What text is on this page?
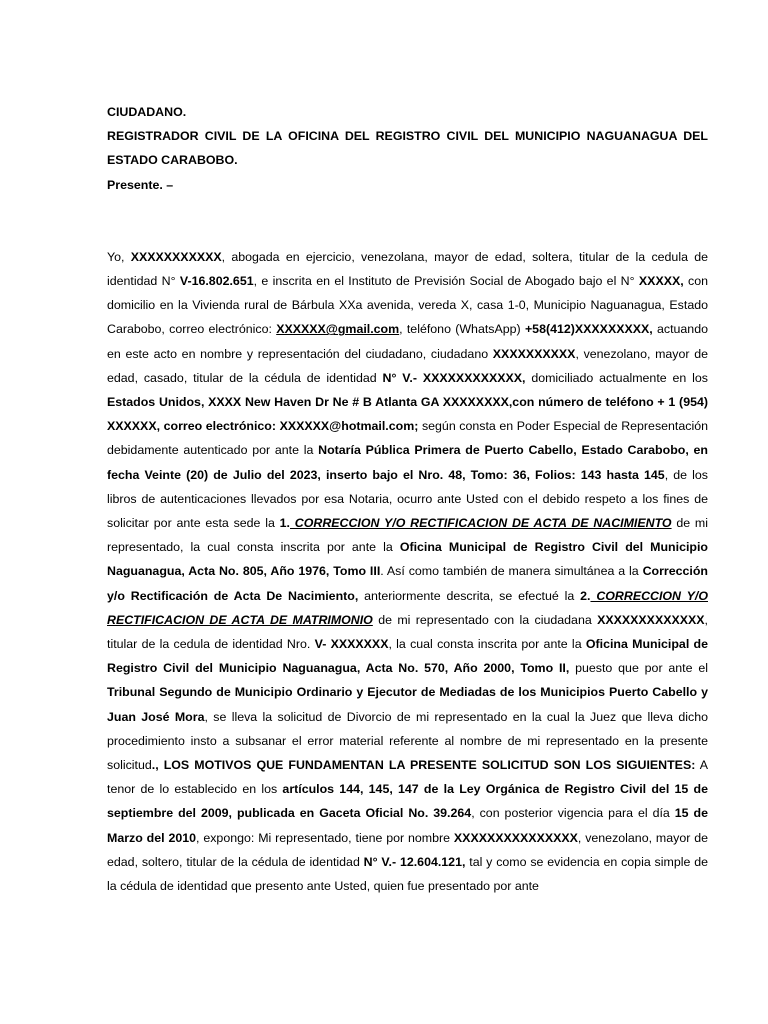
CIUDADANO.
REGISTRADOR CIVIL DE LA OFICINA DEL REGISTRO CIVIL DEL MUNICIPIO NAGUANAGUA DEL
ESTADO CARABOBO.
Presente. –

Yo, XXXXXXXXXXX, abogada en ejercicio, venezolana, mayor de edad, soltera, titular de la cedula de identidad N° V-16.802.651, e inscrita en el Instituto de Previsión Social de Abogado bajo el N° XXXXX, con domicilio en la Vivienda rural de Bárbula XXa avenida, vereda X, casa 1-0, Municipio Naguanagua, Estado Carabobo, correo electrónico: XXXXXX@gmail.com, teléfono (WhatsApp) +58(412)XXXXXXXXX, actuando en este acto en nombre y representación del ciudadano, ciudadano XXXXXXXXXX, venezolano, mayor de edad, casado, titular de la cédula de identidad N° V.- XXXXXXXXXXXX, domiciliado actualmente en los Estados Unidos, XXXX New Haven Dr Ne # B Atlanta GA XXXXXXXX,con número de teléfono + 1 (954) XXXXXX, correo electrónico: XXXXXX@hotmail.com; según consta en Poder Especial de Representación debidamente autenticado por ante la Notaría Pública Primera de Puerto Cabello, Estado Carabobo, en fecha Veinte (20) de Julio del 2023, inserto bajo el Nro. 48, Tomo: 36, Folios: 143 hasta 145, de los libros de autenticaciones llevados por esa Notaria, ocurro ante Usted con el debido respeto a los fines de solicitar por ante esta sede la 1. CORRECCION Y/O RECTIFICACION DE ACTA DE NACIMIENTO de mi representado, la cual consta inscrita por ante la Oficina Municipal de Registro Civil del Municipio Naguanagua, Acta No. 805, Año 1976, Tomo III. Así como también de manera simultánea a la Corrección y/o Rectificación de Acta De Nacimiento, anteriormente descrita, se efectué la 2. CORRECCION Y/O RECTIFICACION DE ACTA DE MATRIMONIO de mi representado con la ciudadana XXXXXXXXXXXXX, titular de la cedula de identidad Nro. V- XXXXXXX, la cual consta inscrita por ante la Oficina Municipal de Registro Civil del Municipio Naguanagua, Acta No. 570, Año 2000, Tomo II, puesto que por ante el Tribunal Segundo de Municipio Ordinario y Ejecutor de Mediadas de los Municipios Puerto Cabello y Juan José Mora, se lleva la solicitud de Divorcio de mi representado en la cual la Juez que lleva dicho procedimiento insto a subsanar el error material referente al nombre de mi representado en la presente solicitud., LOS MOTIVOS QUE FUNDAMENTAN LA PRESENTE SOLICITUD SON LOS SIGUIENTES: A tenor de lo establecido en los artículos 144, 145, 147 de la Ley Orgánica de Registro Civil del 15 de septiembre del 2009, publicada en Gaceta Oficial No. 39.264, con posterior vigencia para el día 15 de Marzo del 2010, expongo: Mi representado, tiene por nombre XXXXXXXXXXXXXXX, venezolano, mayor de edad, soltero, titular de la cédula de identidad N° V.- 12.604.121, tal y como se evidencia en copia simple de la cédula de identidad que presento ante Usted, quien fue presentado por ante
